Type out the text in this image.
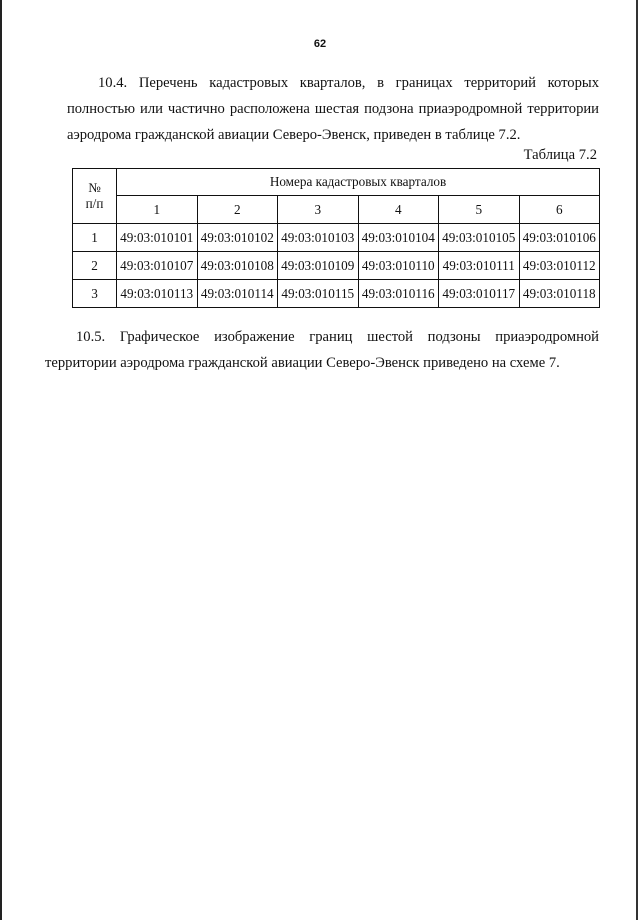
62
10.4. Перечень кадастровых кварталов, в границах территорий которых полностью или частично расположена шестая подзона приаэродромной территории аэродрома гражданской авиации Северо-Эвенск, приведен в таблице 7.2.
Таблица 7.2
№
п/п	Номера кадастровых кварталов					
	1	2	3	4	5	6
1	49:03:010101	49:03:010102	49:03:010103	49:03:010104	49:03:010105	49:03:010106
2	49:03:010107	49:03:010108	49:03:010109	49:03:010110	49:03:010111	49:03:010112
3	49:03:010113	49:03:010114	49:03:010115	49:03:010116	49:03:010117	49:03:010118
10.5. Графическое изображение границ шестой подзоны приаэродромной территории аэродрома гражданской авиации Северо-Эвенск приведено на схеме 7.
